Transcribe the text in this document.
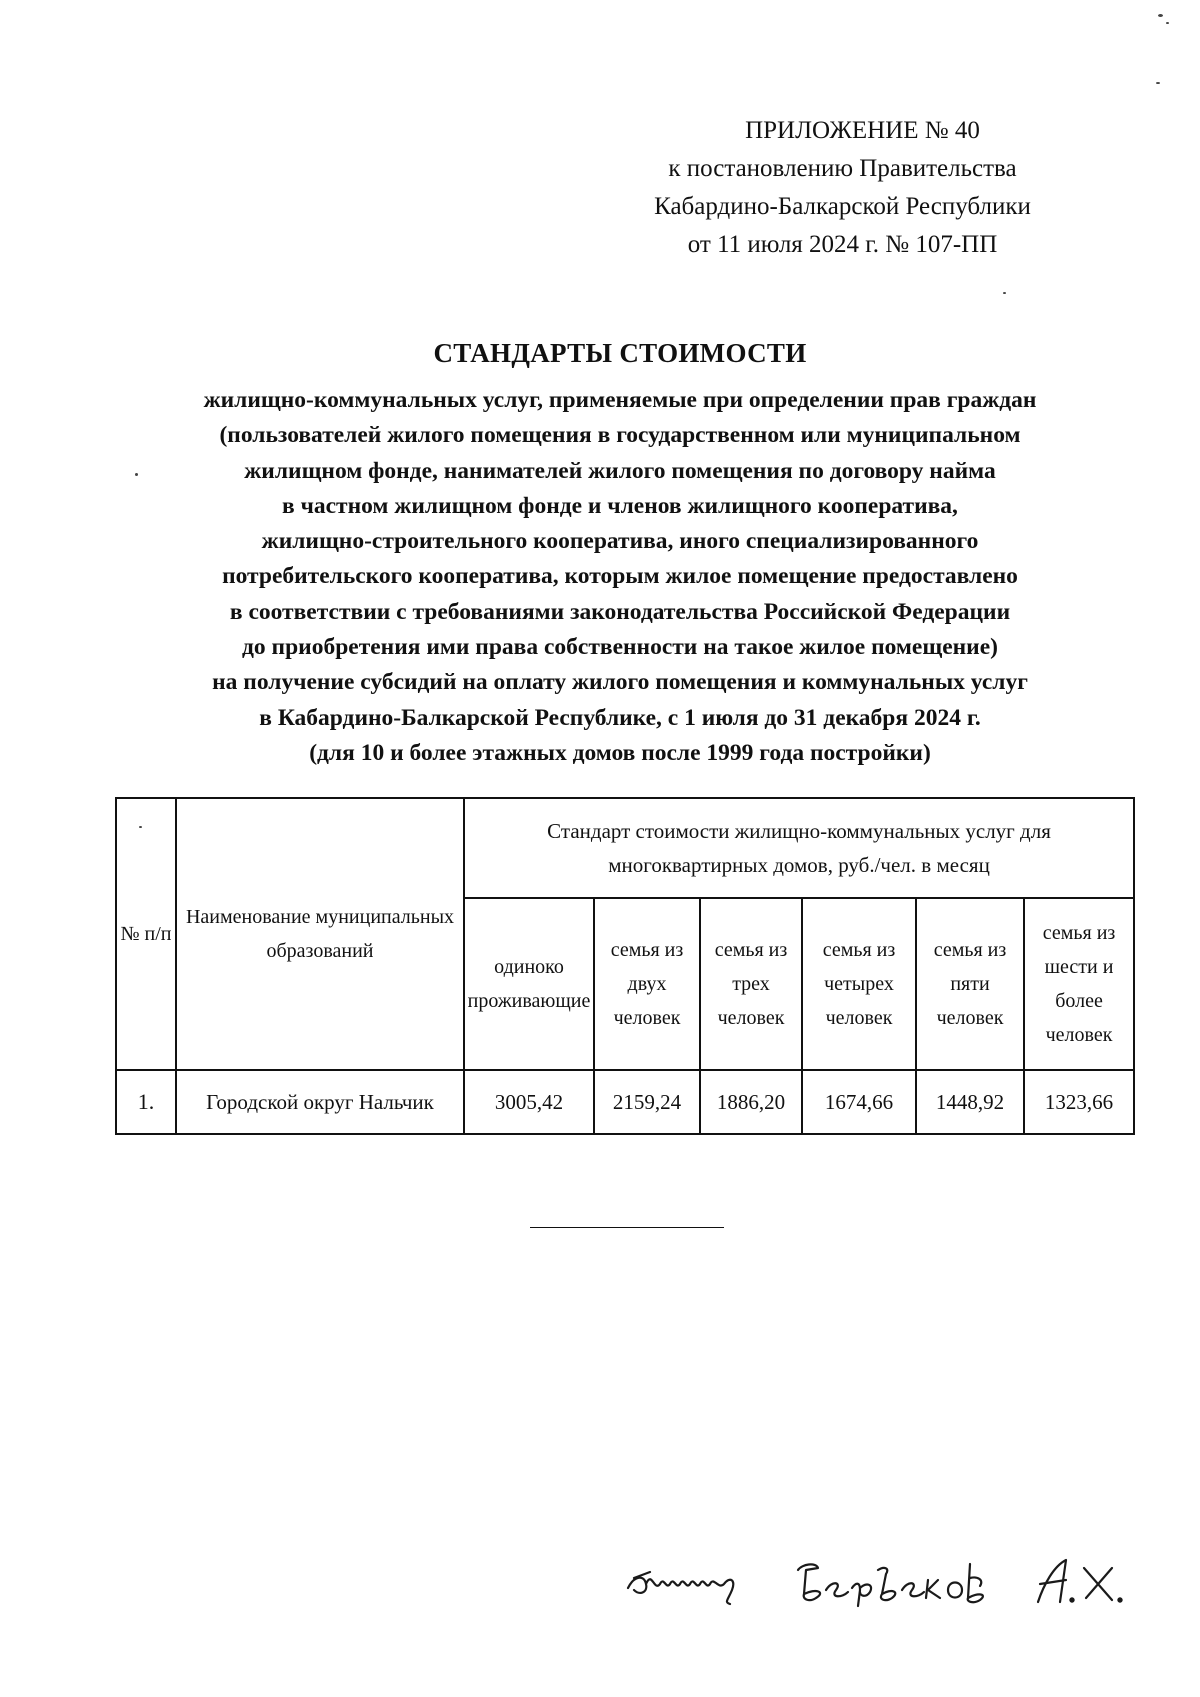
ПРИЛОЖЕНИЕ № 40
к постановлению Правительства
Кабардино-Балкарской Республики
от 11 июля 2024 г. № 107-ПП
СТАНДАРТЫ СТОИМОСТИ
жилищно-коммунальных услуг, применяемые при определении прав граждан
(пользователей жилого помещения в государственном или муниципальном
жилищном фонде, нанимателей жилого помещения по договору найма
в частном жилищном фонде и членов жилищного кооператива,
жилищно-строительного кооператива, иного специализированного
потребительского кооператива, которым жилое помещение предоставлено
в соответствии с требованиями законодательства Российской Федерации
до приобретения ими права собственности на такое жилое помещение)
на получение субсидий на оплату жилого помещения и коммунальных услуг
в Кабардино-Балкарской Республике, с 1 июля до 31 декабря 2024 г.
(для 10 и более этажных домов после 1999 года постройки)
№ п/п	Наименование муниципальных образований	Стандарт стоимости жилищно-коммунальных услуг для многоквартирных домов, руб./чел. в месяц					
		одиноко проживающие	семья из двух человек	семья из трех человек	семья из четырех человек	семья из пяти человек	семья из шести и более человек
1.	Городской округ Нальчик	3005,42	2159,24	1886,20	1674,66	1448,92	1323,66
